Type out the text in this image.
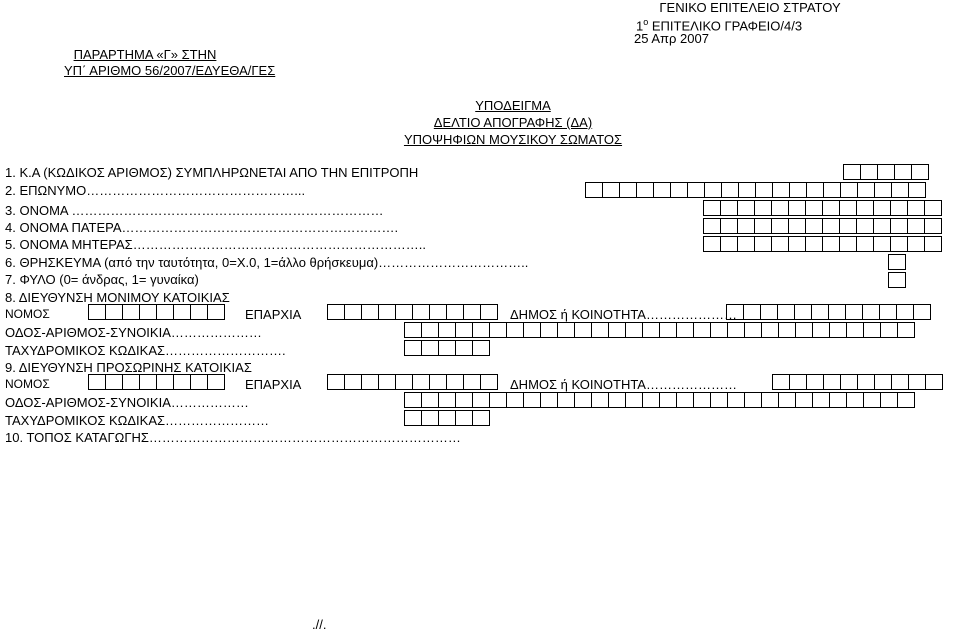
ΓΕΝΙΚΟ ΕΠΙΤΕΛΕΙΟ ΣΤΡΑΤΟΥ
$1^o$ ΕΠΙΤΕΛΙΚΟ ΓΡΑΦΕΙΟ/4/3
25 Απρ 2007
ΠΑΡΑΡΤΗΜΑ «Γ» ΣΤΗΝ
ΥΠ΄ ΑΡΙΘΜΟ 56/2007/ΕΔΥΕΘΑ/ΓΕΣ
ΥΠΟΔΕΙΓΜΑ
ΔΕΛΤΙΟ ΑΠΟΓΡΑΦΗΣ (ΔΑ)
ΥΠΟΨΗΦΙΩΝ ΜΟΥΣΙΚΟΥ ΣΩΜΑΤΟΣ
1. Κ.Α (ΚΩΔΙΚΟΣ ΑΡΙΘΜΟΣ) ΣΥΜΠΛΗΡΩΝΕΤΑΙ ΑΠΟ ΤΗΝ ΕΠΙΤΡΟΠΗ
2. ΕΠΩΝΥΜΟ…………………………………………...
3. ΟΝΟΜΑ ………………………………………………………………
4. ΟΝΟΜΑ ΠΑΤΕΡΑ……………………………………………………….
5. ΟΝΟΜΑ ΜΗΤΕΡΑΣ…………………………………………………………..
6. ΘΡΗΣΚΕΥΜΑ (από την ταυτότητα, 0=Χ.0, 1=άλλο θρήσκευμα)……………………………..
7. ΦΥΛΟ (0= άνδρας, 1= γυναίκα)
8. ΔΙΕΥΘΥΝΣΗ ΜΟΝΙΜΟΥ ΚΑΤΟΙΚΙΑΣ
ΝΟΜΟΣ	ΕΠΑΡΧΙΑ	ΔΗΜΟΣ ή ΚΟΙΝΟΤΗΤΑ…………………
ΟΔΟΣ-ΑΡΙΘΜΟΣ-ΣΥΝΟΙΚΙΑ…………………
ΤΑΧΥΔΡΟΜΙΚΟΣ ΚΩΔΙΚΑΣ……………………….
9. ΔΙΕΥΘΥΝΣΗ ΠΡΟΣΩΡΙΝΗΣ ΚΑΤΟΙΚΙΑΣ
ΝΟΜΟΣ	ΕΠΑΡΧΙΑ	ΔΗΜΟΣ ή ΚΟΙΝΟΤΗΤΑ…………………
ΟΔΟΣ-ΑΡΙΘΜΟΣ-ΣΥΝΟΙΚΙΑ………………
ΤΑΧΥΔΡΟΜΙΚΟΣ ΚΩΔΙΚΑΣ……………………
10. ΤΟΠΟΣ ΚΑΤΑΓΩΓΗΣ………………………………………………………………
.//.
